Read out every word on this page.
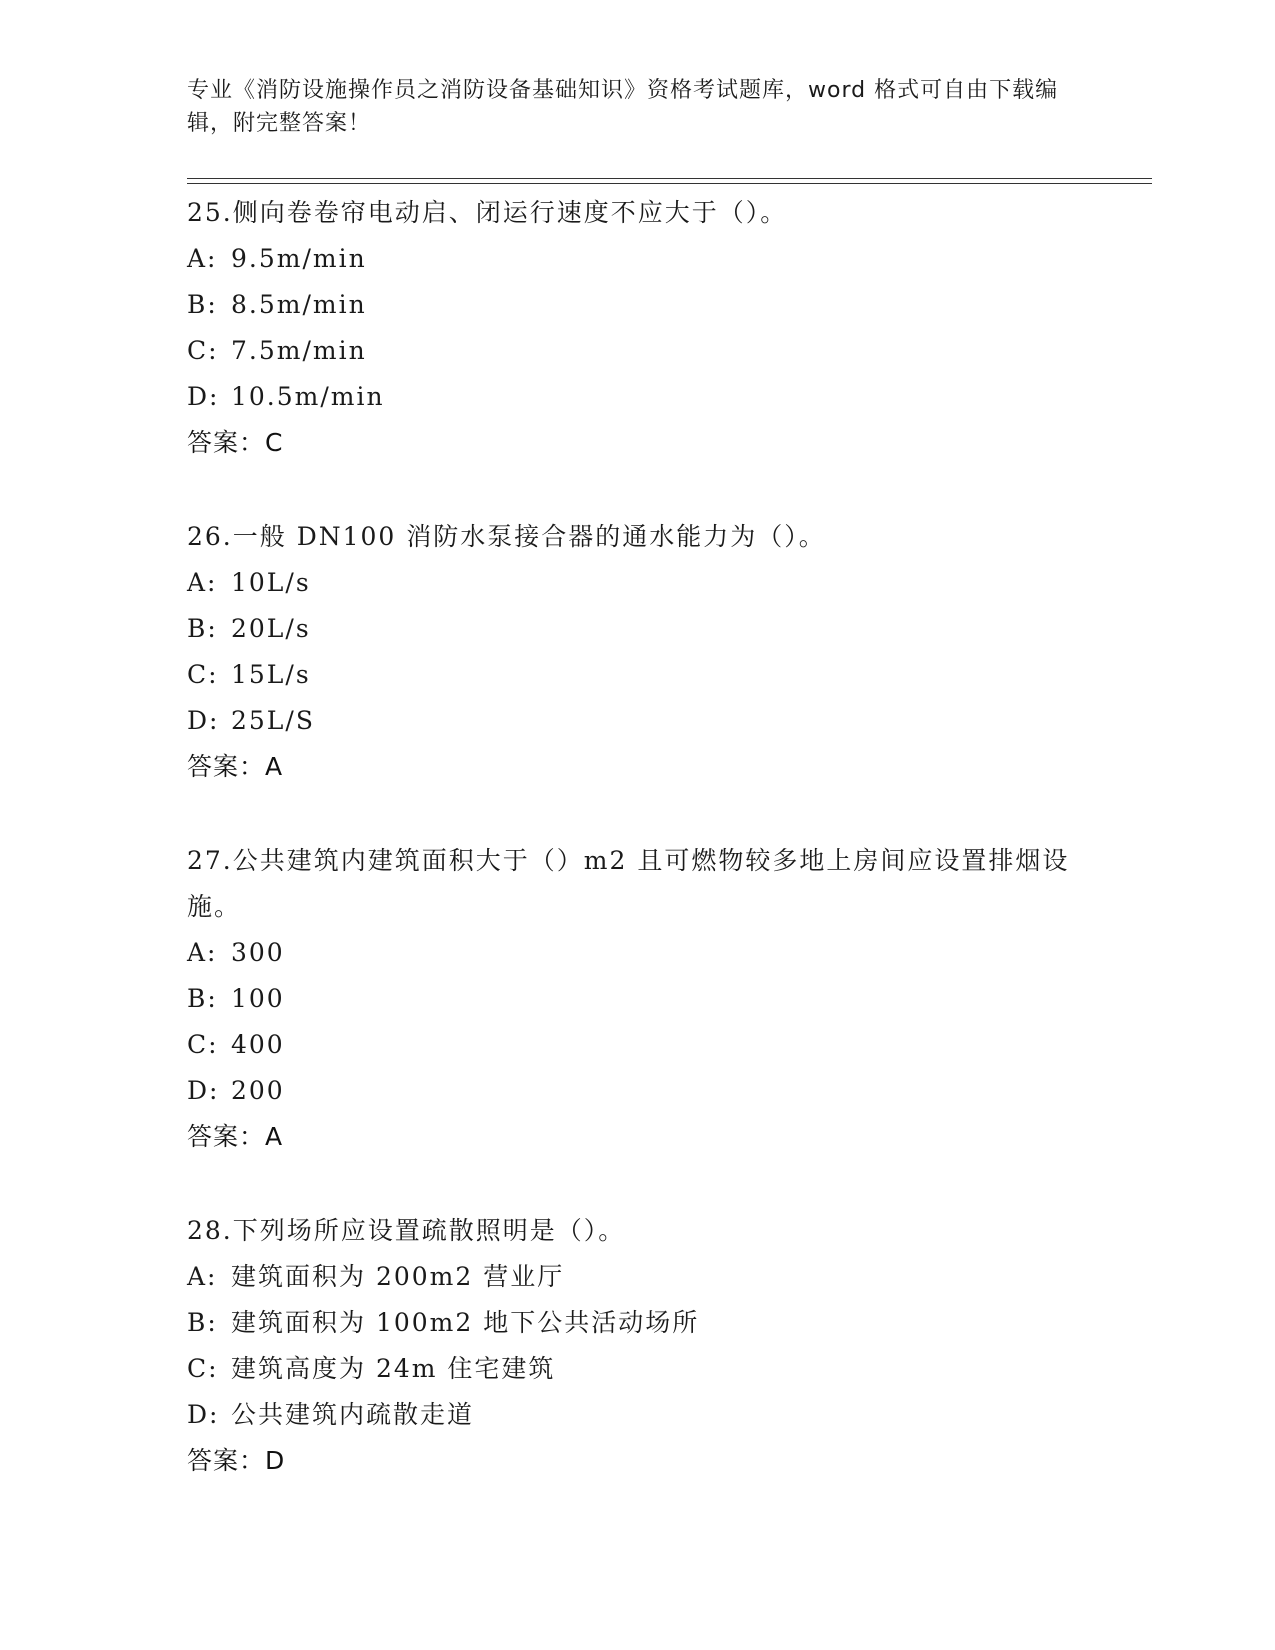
专业《消防设施操作员之消防设备基础知识》资格考试题库，word 格式可自由下载编辑，附完整答案！

25.侧向卷卷帘电动启、闭运行速度不应大于（）。

A: 9.5m/min

B: 8.5m/min

C: 7.5m/min

D: 10.5m/min

答案：C

26.一般 DN100 消防水泵接合器的通水能力为（）。

A: 10L/s

B: 20L/s

C: 15L/s

D: 25L/S

答案：A

27.公共建筑内建筑面积大于（）m2 且可燃物较多地上房间应设置排烟设施。

A: 300

B: 100

C: 400

D: 200

答案：A

28.下列场所应设置疏散照明是（）。

A: 建筑面积为 200m2 营业厅

B: 建筑面积为 100m2 地下公共活动场所

C: 建筑高度为 24m 住宅建筑

D: 公共建筑内疏散走道

答案：D
